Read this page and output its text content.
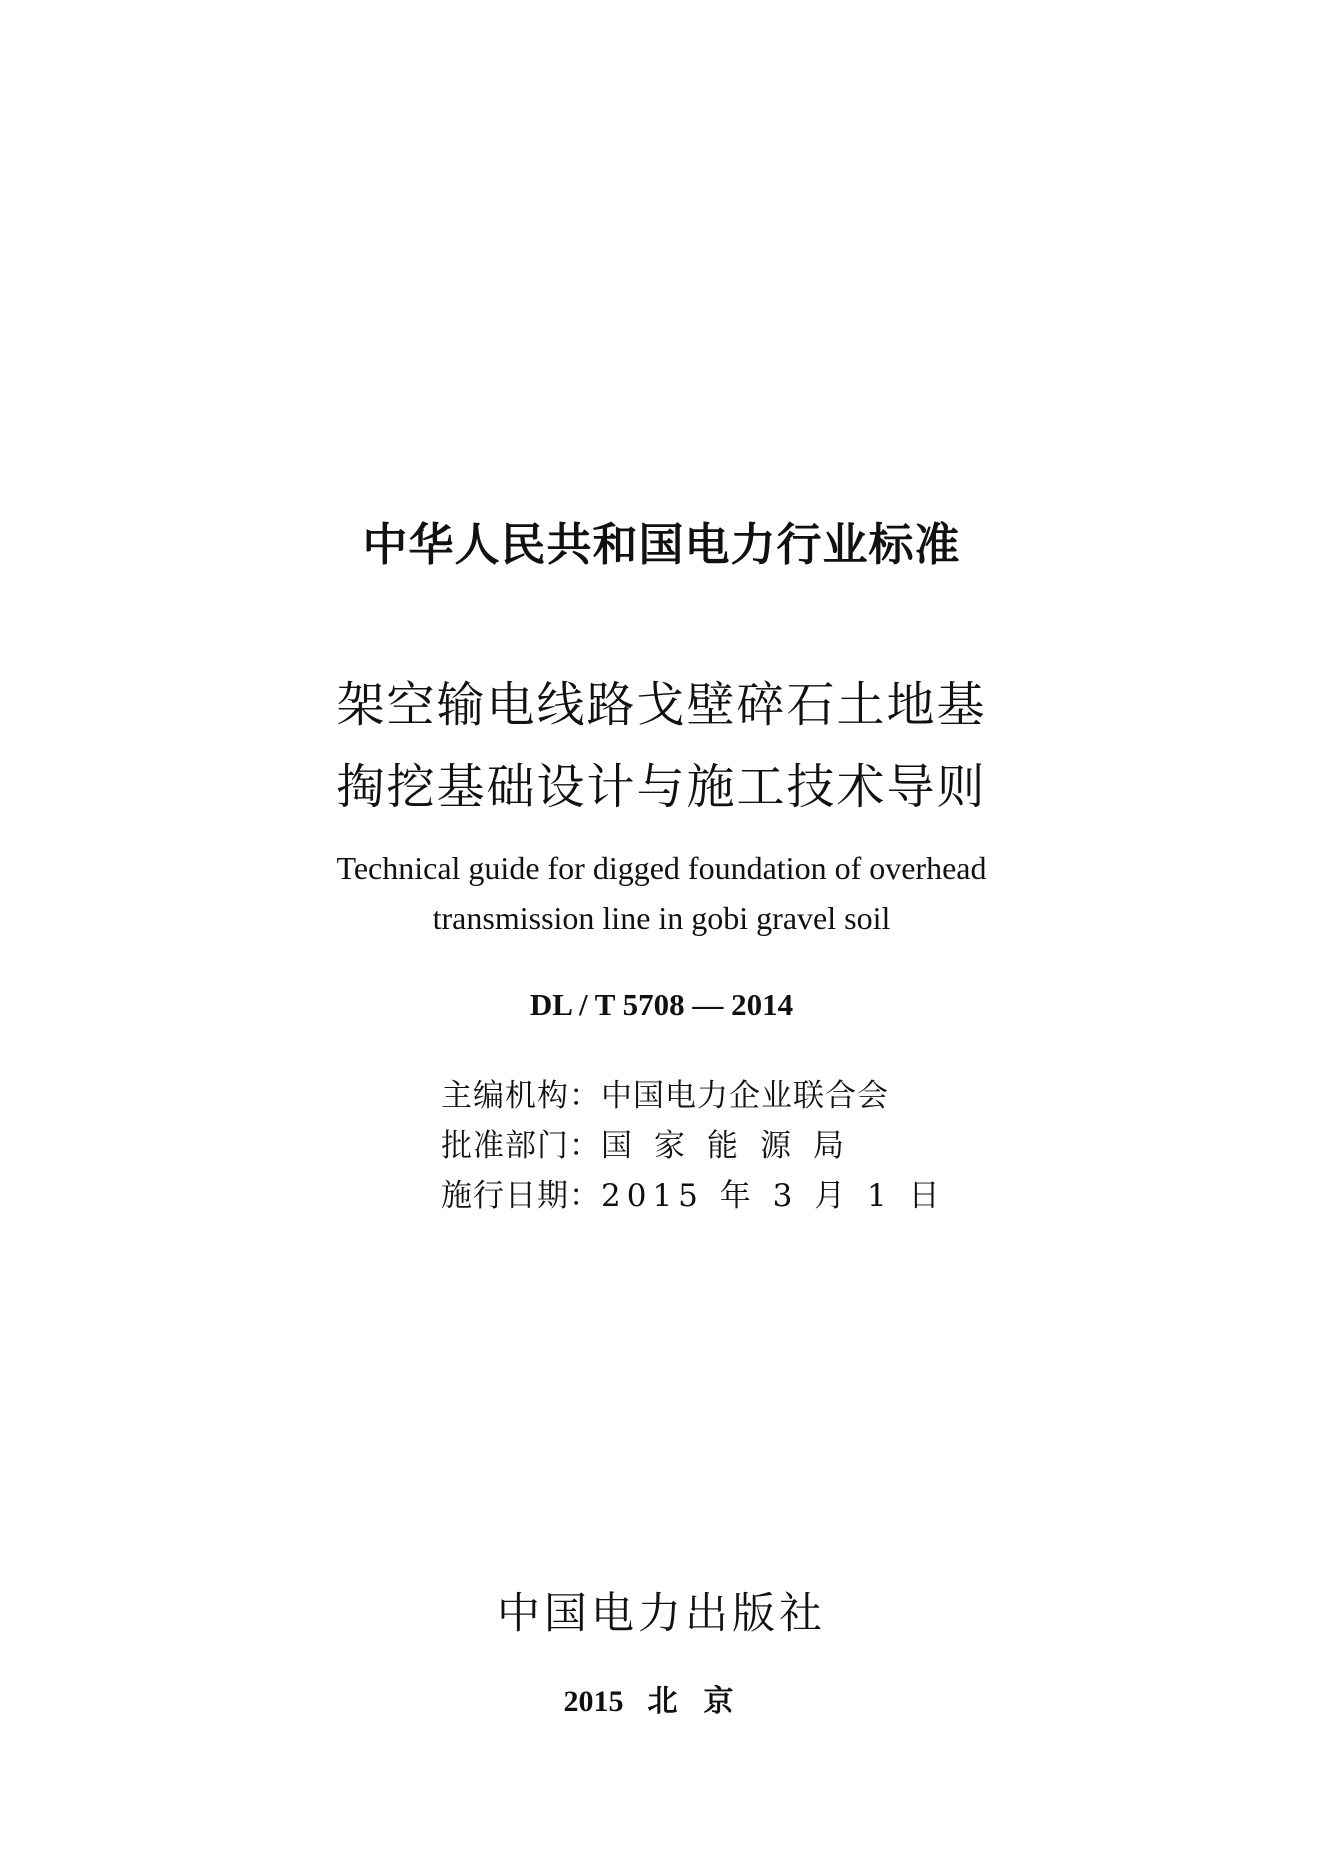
中华人民共和国电力行业标准
架空输电线路戈壁碎石土地基
掏挖基础设计与施工技术导则
Technical guide for digged foundation of overhead
transmission line in gobi gravel soil
DL / T 5708 — 2014
主编机构：中国电力企业联合会
批准部门：国家能源局
施行日期：2015 年 3 月 1 日
中国电力出版社
2015 北京
